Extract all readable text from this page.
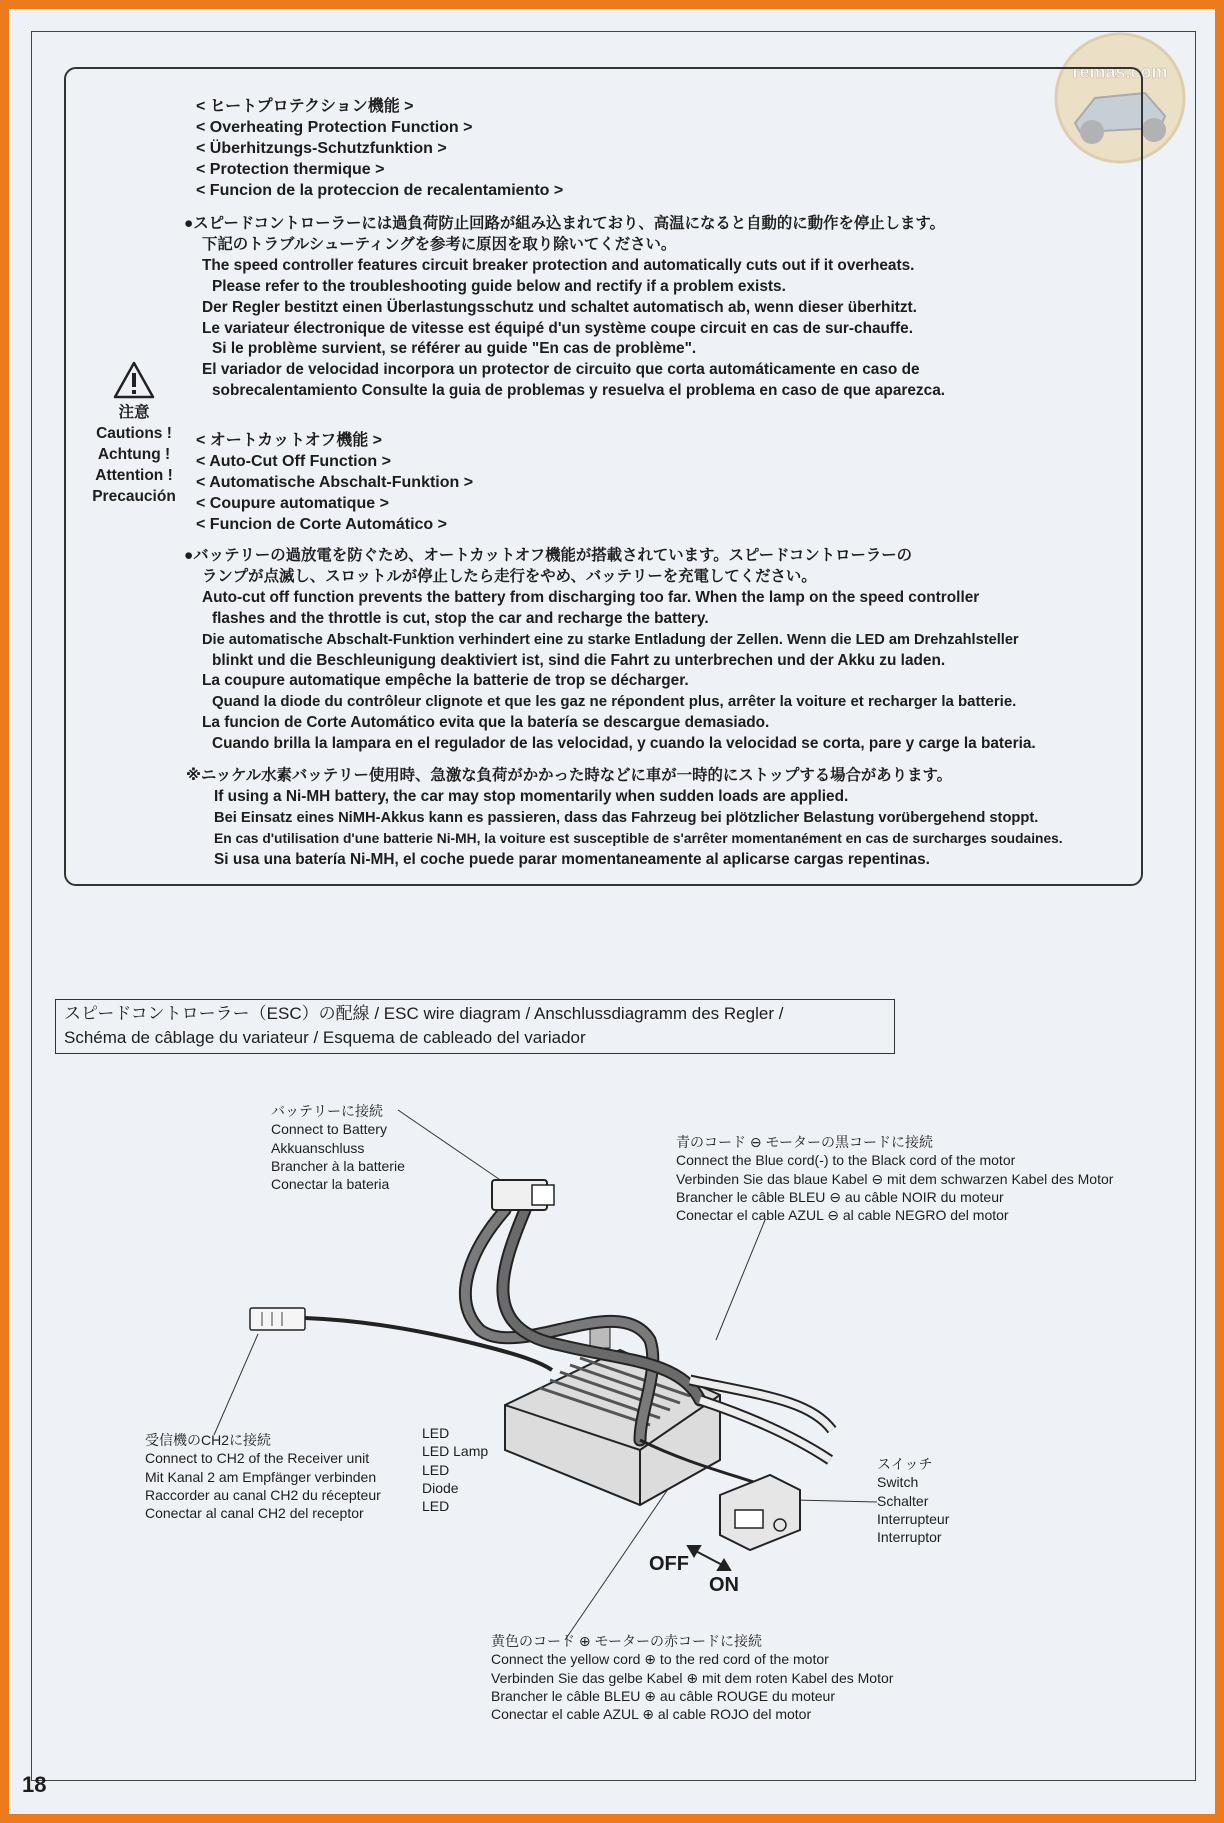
remas.com
注意
Cautions !
Achtung !
Attention !
Precaución
< ヒートプロテクション機能 >
< Overheating Protection Function >
< Überhitzungs-Schutzfunktion >
< Protection thermique >
< Funcion de la proteccion de recalentamiento >
●スピードコントローラーには過負荷防止回路が組み込まれており、高温になると自動的に動作を停止します。
下記のトラブルシューティングを参考に原因を取り除いてください。
The speed controller features circuit breaker protection and automatically cuts out if it overheats.
Please refer to the troubleshooting guide below and rectify if a problem exists.
Der Regler bestitzt einen Überlastungsschutz und schaltet automatisch ab, wenn dieser überhitzt.
Le variateur électronique de vitesse est équipé d'un système coupe circuit en cas de sur-chauffe.
Si le problème survient, se référer au guide "En cas de problème".
El variador de velocidad incorpora un protector de circuito que corta automáticamente en caso de
sobrecalentamiento Consulte la guia de problemas y resuelva el problema en caso de que aparezca.
< オートカットオフ機能 >
< Auto-Cut Off Function >
< Automatische Abschalt-Funktion >
< Coupure automatique >
< Funcion de Corte Automático >
●バッテリーの過放電を防ぐため、オートカットオフ機能が搭載されています。スピードコントローラーの
ランプが点滅し、スロットルが停止したら走行をやめ、バッテリーを充電してください。
Auto-cut off function prevents the battery from discharging too far. When the lamp on the speed controller
flashes and the throttle is cut, stop the car and recharge the battery.
Die automatische Abschalt-Funktion verhindert eine zu starke Entladung der Zellen. Wenn die LED am Drehzahlsteller
blinkt und die Beschleunigung deaktiviert ist, sind die Fahrt zu unterbrechen und der Akku zu laden.
La coupure automatique empêche la batterie de trop se décharger.
Quand la diode du contrôleur clignote et que les gaz ne répondent plus, arrêter la voiture et recharger la batterie.
La funcion de Corte Automático evita que la batería se descargue demasiado.
Cuando brilla la lampara en el regulador de las velocidad, y cuando la velocidad se corta, pare y carge la bateria.
※ニッケル水素バッテリー使用時、急激な負荷がかかった時などに車が一時的にストップする場合があります。
If using a Ni-MH battery, the car may stop momentarily when sudden loads are applied.
Bei Einsatz eines NiMH-Akkus kann es passieren, dass das Fahrzeug bei plötzlicher Belastung vorübergehend stoppt.
En cas d'utilisation d'une batterie Ni-MH, la voiture est susceptible de s'arrêter momentanément en cas de surcharges soudaines.
Si usa una batería Ni-MH, el coche puede parar momentaneamente al aplicarse cargas repentinas.
スピードコントローラー（ESC）の配線 / ESC wire diagram / Anschlussdiagramm des Regler /
Schéma de câblage du variateur / Esquema de cableado del variador
バッテリーに接続
Connect to Battery
Akkuanschluss
Brancher à la batterie
Conectar la bateria
青のコード ⊖ モーターの黒コードに接続
Connect the Blue cord(-) to the Black cord of the motor
Verbinden Sie das blaue Kabel ⊖ mit dem schwarzen Kabel des Motor
Brancher le câble BLEU ⊖ au câble NOIR du moteur
Conectar el cable AZUL ⊖ al cable NEGRO del motor
受信機のCH2に接続
Connect to CH2 of the Receiver unit
Mit Kanal 2 am Empfänger verbinden
Raccorder au canal CH2 du récepteur
Conectar al canal CH2 del receptor
LED
LED Lamp
LED
Diode
LED
スイッチ
Switch
Schalter
Interrupteur
Interruptor
OFF
ON
黄色のコード ⊕ モーターの赤コードに接続
Connect the yellow cord ⊕ to the red cord of the motor
Verbinden Sie das gelbe Kabel ⊕ mit dem roten Kabel des Motor
Brancher le câble BLEU ⊕ au câble ROUGE du moteur
Conectar el cable AZUL ⊕ al cable ROJO del motor
18
